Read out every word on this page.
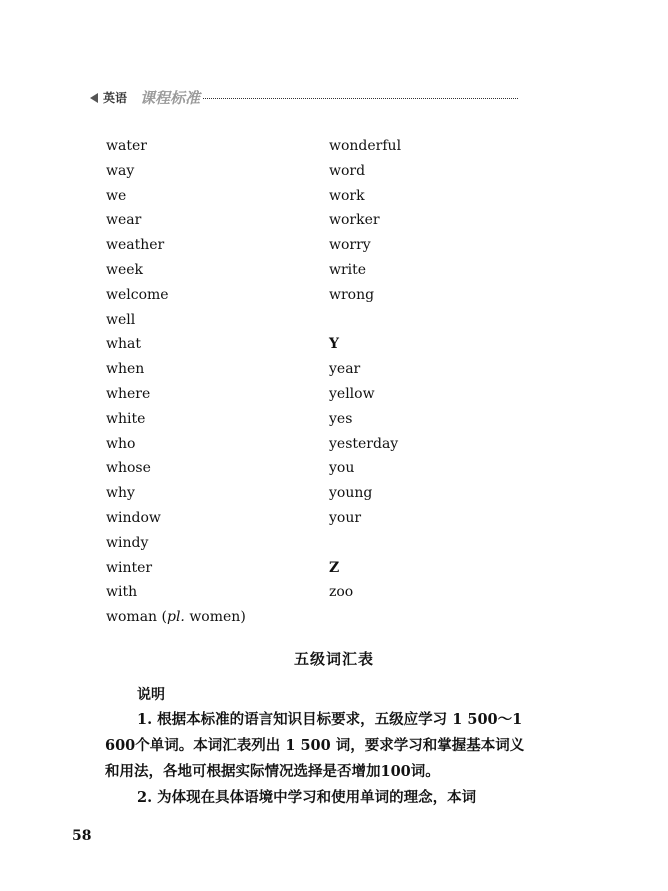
英语 课程标准
water
way
we
wear
weather
week
welcome
well
what
when
where
white
who
whose
why
window
windy
winter
with
woman (pl. women)
wonderful
word
work
worker
worry
write
wrong
Y
year
yellow
yes
yesterday
you
young
your
Z
zoo
五级词汇表
说明
1. 根据本标准的语言知识目标要求，五级应学习 1 500～1 600个单词。本词汇表列出 1 500 词，要求学习和掌握基本词义和用法，各地可根据实际情况选择是否增加100词。
2. 为体现在具体语境中学习和使用单词的理念，本词
58
